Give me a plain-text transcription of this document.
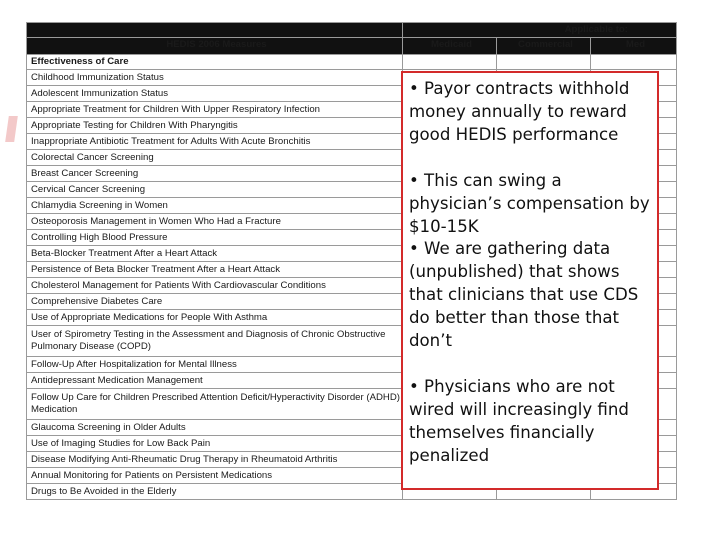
	Applicable to:		
HEDIS 2006 Measures	Medicaid	Commercial	Med
Effectiveness of Care			
Childhood Immunization Status			
Adolescent Immunization Status			
Appropriate Treatment for Children With Upper Respiratory Infection			
Appropriate Testing for Children With Pharyngitis			
Inappropriate Antibiotic Treatment for Adults With Acute Bronchitis			
Colorectal Cancer Screening			
Breast Cancer Screening			
Cervical Cancer Screening			
Chlamydia Screening in Women			
Osteoporosis Management in Women Who Had a Fracture			
Controlling High Blood Pressure			
Beta-Blocker Treatment After a Heart Attack			
Persistence of Beta Blocker Treatment After a Heart Attack			
Cholesterol Management for Patients With Cardiovascular Conditions			
Comprehensive Diabetes Care			
Use of Appropriate Medications for People With Asthma			
User of Spirometry Testing in the Assessment and Diagnosis of Chronic Obstructive Pulmonary Disease (COPD)			
Follow-Up After Hospitalization for Mental Illness			
Antidepressant Medication Management			
Follow Up Care for Children Prescribed Attention Deficit/Hyperactivity Disorder (ADHD) Medication			
Glaucoma Screening in Older Adults			
Use of Imaging Studies for Low Back Pain			
Disease Modifying Anti-Rheumatic Drug Therapy in Rheumatoid Arthritis			
Annual Monitoring for Patients on Persistent Medications			
Drugs to Be Avoided in the Elderly			
• Payor contracts withhold money annually to reward good HEDIS performance
• This can swing a physician’s compensation by $10-15K
• We are gathering data (unpublished) that shows that clinicians that use CDS do better than those that don’t
• Physicians who are not wired will increasingly find themselves financially penalized
